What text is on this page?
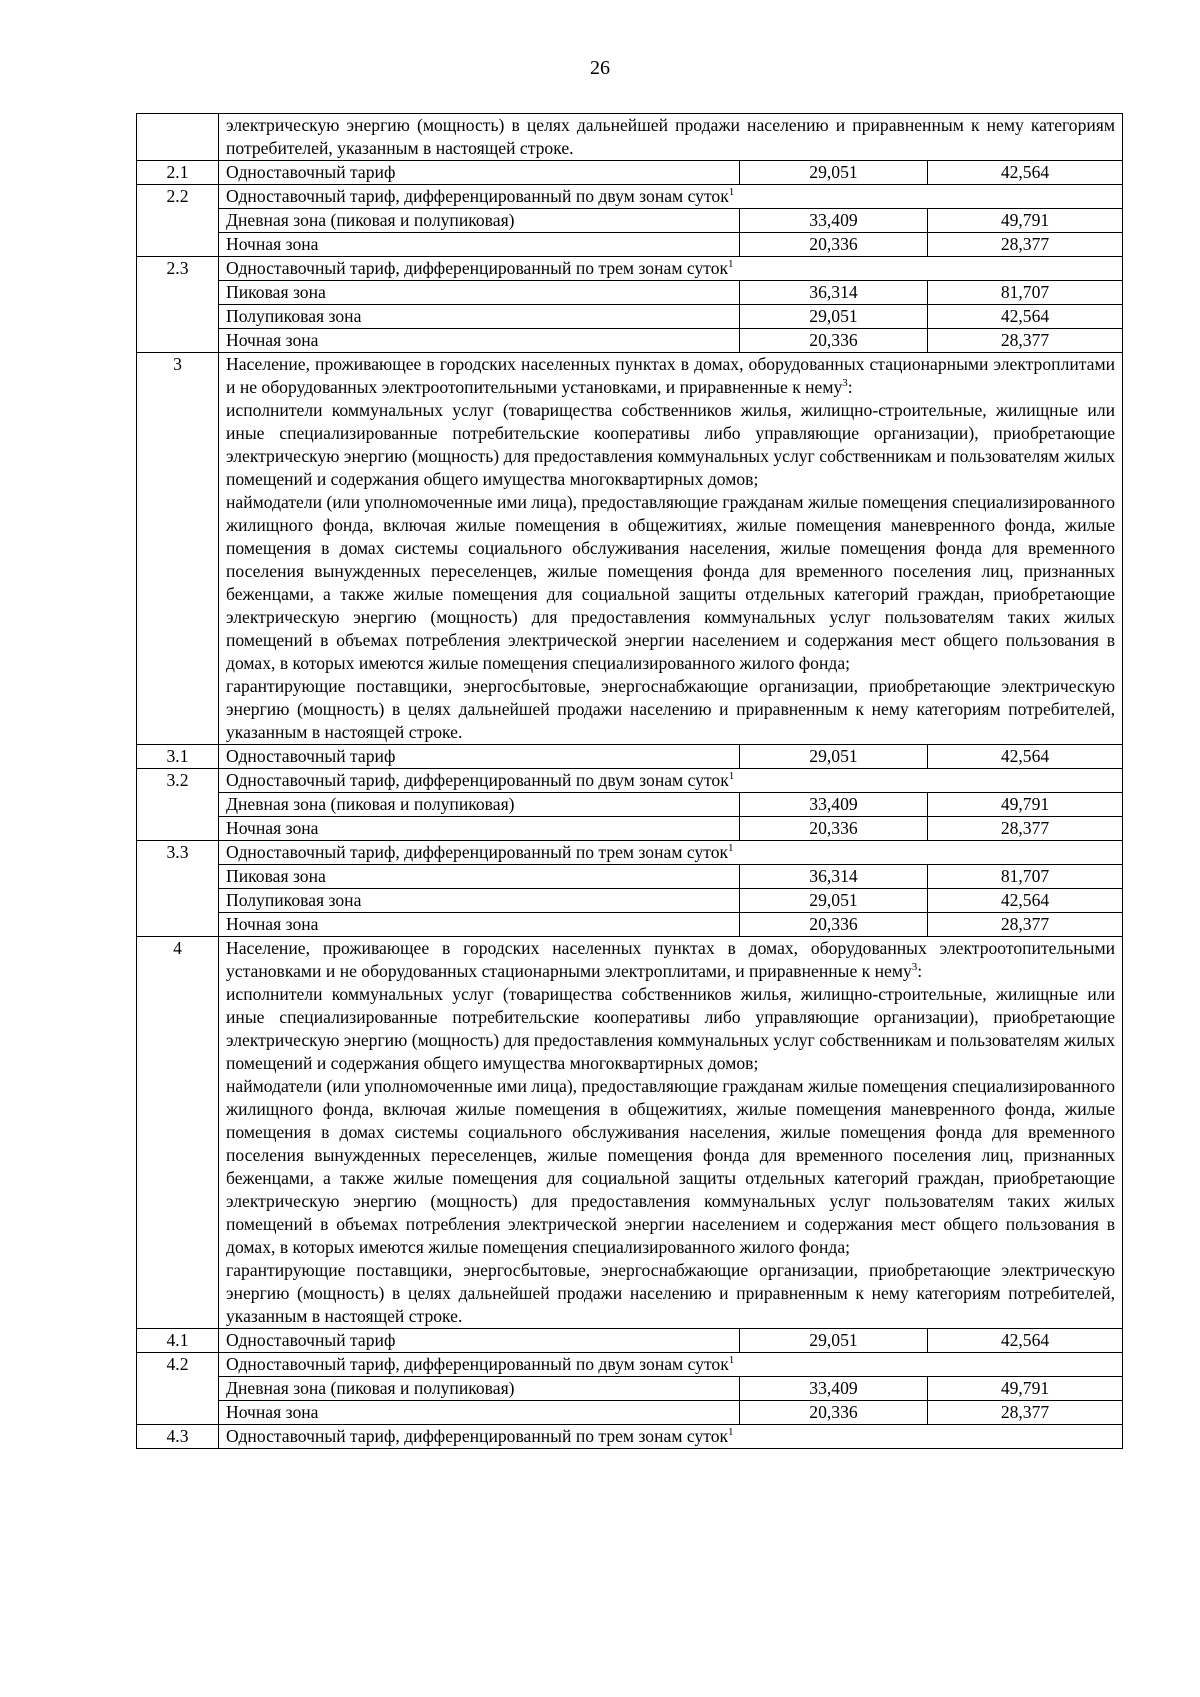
26
	электрическую энергию (мощность) в целях дальнейшей продажи населению и приравненным к нему категориям потребителей, указанным в настоящей строке.		
2.1	Одноставочный тариф	29,051	42,564
2.2	Одноставочный тариф, дифференцированный по двум зонам суток$^1$
	Дневная зона (пиковая и полупиковая)	33,409	49,791
	Ночная зона	20,336	28,377
2.3	Одноставочный тариф, дифференцированный по трем зонам суток$^1$
	Пиковая зона	36,314	81,707
	Полупиковая зона	29,051	42,564
	Ночная зона	20,336	28,377
3	Население, проживающее в городских населенных пунктах в домах, оборудованных стационарными электроплитами и не оборудованных электроотопительными установками, и приравненные к нему$^3$:
исполнители коммунальных услуг (товарищества собственников жилья, жилищно-строительные, жилищные или иные специализированные потребительские кооперативы либо управляющие организации), приобретающие электрическую энергию (мощность) для предоставления коммунальных услуг собственникам и пользователям жилых помещений и содержания общего имущества многоквартирных домов;
наймодатели (или уполномоченные ими лица), предоставляющие гражданам жилые помещения специализированного жилищного фонда, включая жилые помещения в общежитиях, жилые помещения маневренного фонда, жилые помещения в домах системы социального обслуживания населения, жилые помещения фонда для временного поселения вынужденных переселенцев, жилые помещения фонда для временного поселения лиц, признанных беженцами, а также жилые помещения для социальной защиты отдельных категорий граждан, приобретающие электрическую энергию (мощность) для предоставления коммунальных услуг пользователям таких жилых помещений в объемах потребления электрической энергии населением и содержания мест общего пользования в домах, в которых имеются жилые помещения специализированного жилого фонда;
гарантирующие поставщики, энергосбытовые, энергоснабжающие организации, приобретающие электрическую энергию (мощность) в целях дальнейшей продажи населению и приравненным к нему категориям потребителей, указанным в настоящей строке.		

3.1	Одноставочный тариф	29,051	42,564
3.2	Одноставочный тариф, дифференцированный по двум зонам суток$^1$
	Дневная зона (пиковая и полупиковая)	33,409	49,791
	Ночная зона	20,336	28,377
3.3	Одноставочный тариф, дифференцированный по трем зонам суток$^1$
	Пиковая зона	36,314	81,707
	Полупиковая зона	29,051	42,564
	Ночная зона	20,336	28,377
4	Население, проживающее в городских населенных пунктах в домах, оборудованных электроотопительными установками и не оборудованных стационарными электроплитами, и приравненные к нему$^3$:
исполнители коммунальных услуг (товарищества собственников жилья, жилищно-строительные, жилищные или иные специализированные потребительские кооперативы либо управляющие организации), приобретающие электрическую энергию (мощность) для предоставления коммунальных услуг собственникам и пользователям жилых помещений и содержания общего имущества многоквартирных домов;
наймодатели (или уполномоченные ими лица), предоставляющие гражданам жилые помещения специализированного жилищного фонда, включая жилые помещения в общежитиях, жилые помещения маневренного фонда, жилые помещения в домах системы социального обслуживания населения, жилые помещения фонда для временного поселения вынужденных переселенцев, жилые помещения фонда для временного поселения лиц, признанных беженцами, а также жилые помещения для социальной защиты отдельных категорий граждан, приобретающие электрическую энергию (мощность) для предоставления коммунальных услуг пользователям таких жилых помещений в объемах потребления электрической энергии населением и содержания мест общего пользования в домах, в которых имеются жилые помещения специализированного жилого фонда;
гарантирующие поставщики, энергосбытовые, энергоснабжающие организации, приобретающие электрическую энергию (мощность) в целях дальнейшей продажи населению и приравненным к нему категориям потребителей, указанным в настоящей строке.		

4.1	Одноставочный тариф	29,051	42,564
4.2	Одноставочный тариф, дифференцированный по двум зонам суток$^1$
	Дневная зона (пиковая и полупиковая)	33,409	49,791
	Ночная зона	20,336	28,377
4.3	Одноставочный тариф, дифференцированный по трем зонам суток$^1$
